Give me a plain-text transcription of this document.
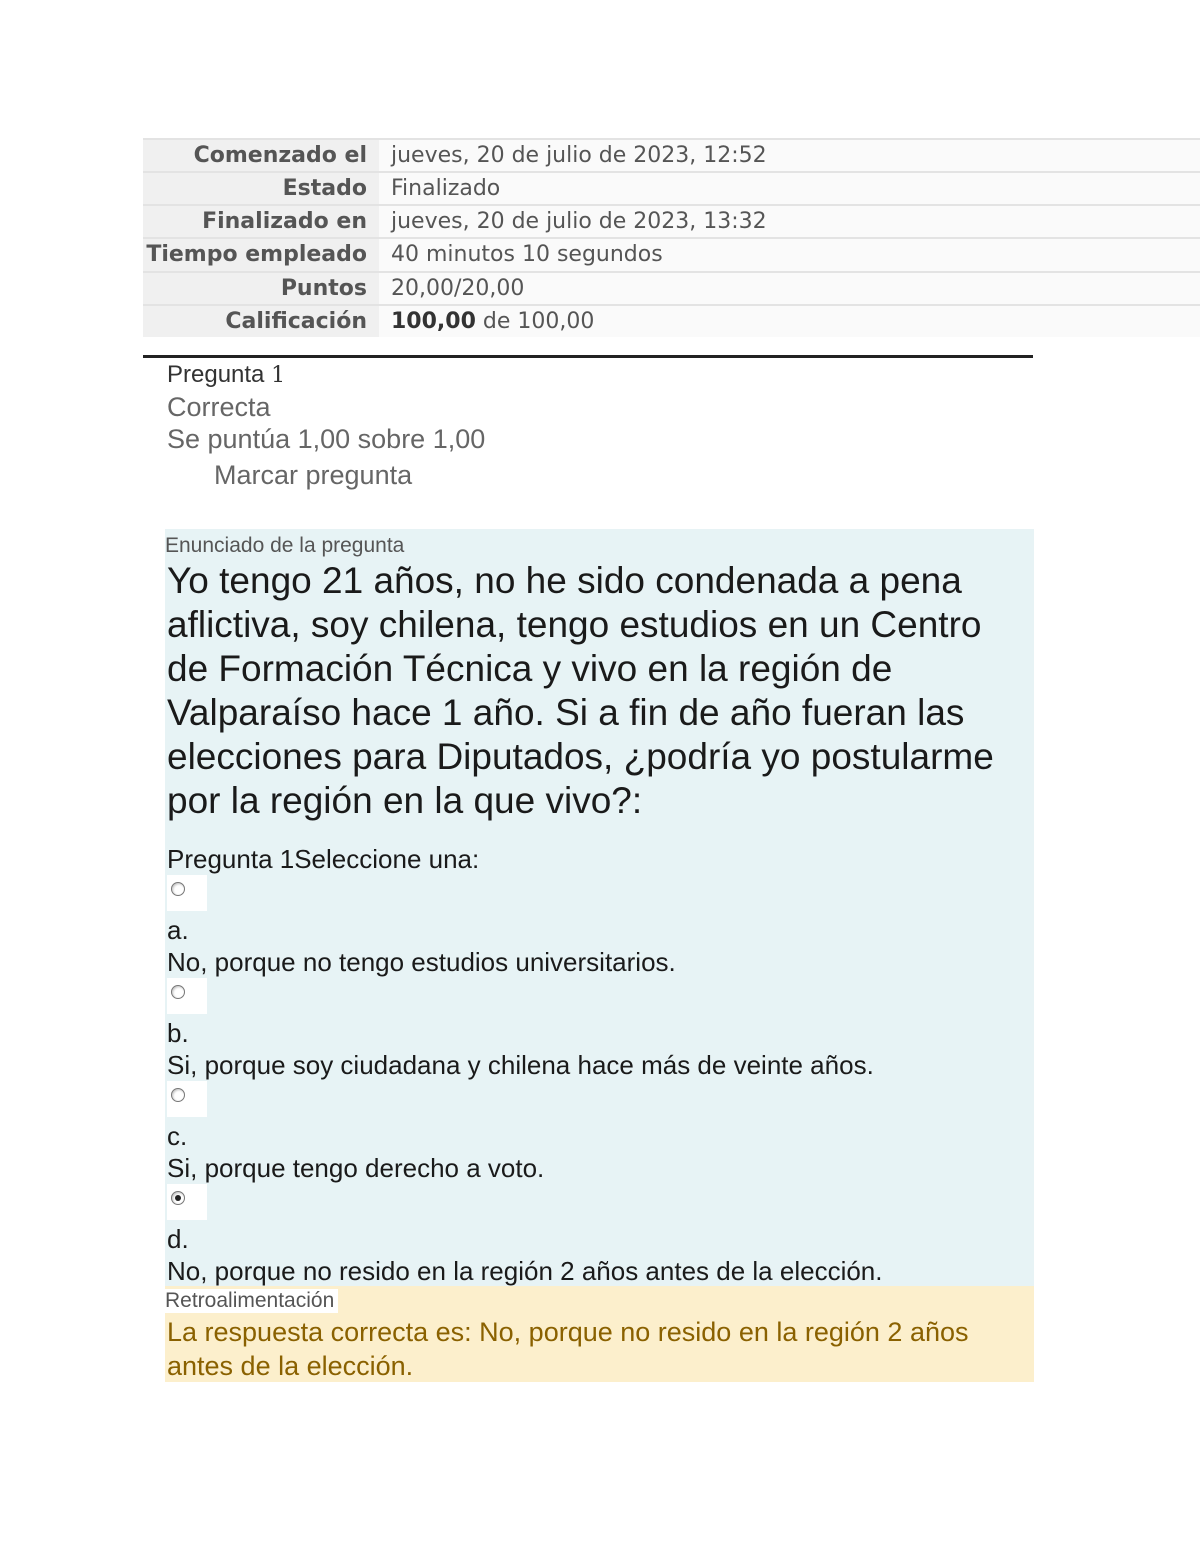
Comenzado el	jueves, 20 de julio de 2023, 12:52
Estado	Finalizado
Finalizado en	jueves, 20 de julio de 2023, 13:32
Tiempo empleado	40 minutos 10 segundos
Puntos	20,00/20,00
Calificación	100,00 de 100,00
Pregunta 1
Correcta
Se puntúa 1,00 sobre 1,00
Marcar pregunta
Enunciado de la pregunta
Yo tengo 21 años, no he sido condenada a pena aflictiva, soy chilena, tengo estudios en un Centro de Formación Técnica y vivo en la región de Valparaíso hace 1 año. Si a fin de año fueran las elecciones para Diputados, ¿podría yo postularme por la región en la que vivo?:
Pregunta 1Seleccione una:
a.
No, porque no tengo estudios universitarios.
b.
Si, porque soy ciudadana y chilena hace más de veinte años.
c.
Si, porque tengo derecho a voto.
d.
No, porque no resido en la región 2 años antes de la elección.
Retroalimentación
La respuesta correcta es: No, porque no resido en la región 2 años antes de la elección.
